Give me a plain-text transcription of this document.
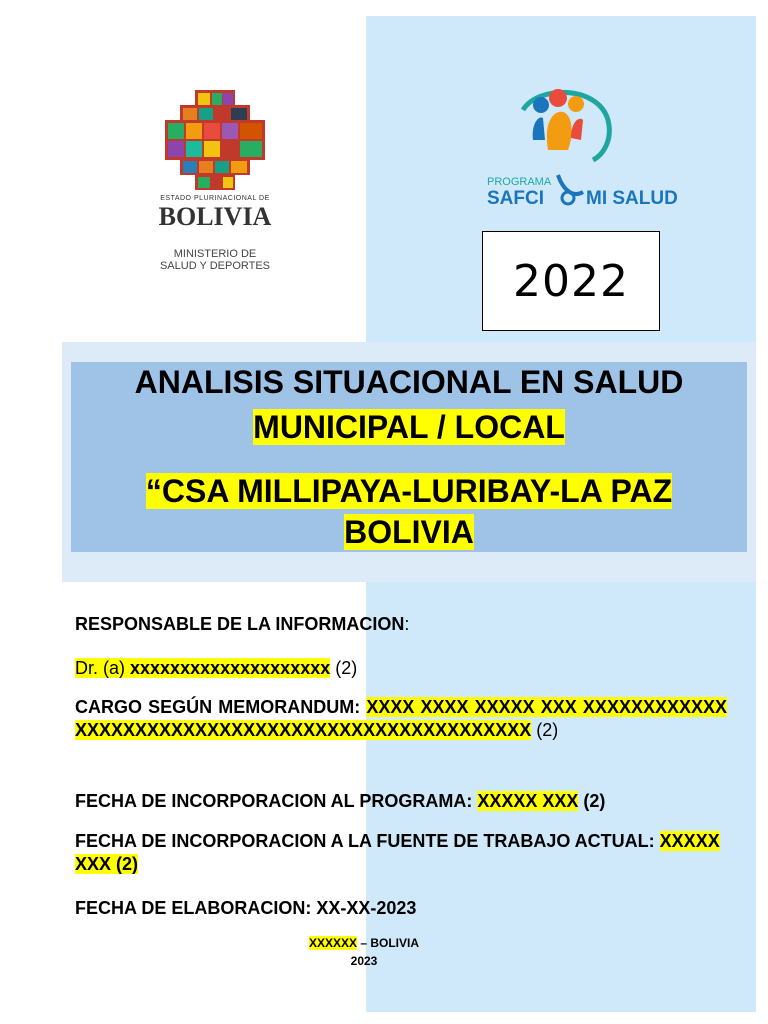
ESTADO PLURINACIONAL DE
BOLIVIA
MINISTERIO DE
SALUD Y DEPORTES
PROGRAMA
SAFCI MI SALUD
2022
ANALISIS SITUACIONAL EN SALUD
MUNICIPAL / LOCAL
“CSA MILLIPAYA-LURIBAY-LA PAZ
BOLIVIA
RESPONSABLE DE LA INFORMACION:
Dr. (a) xxxxxxxxxxxxxxxxxxxx (2)
CARGO SEGÚN MEMORANDUM: XXXX XXXX XXXXX XXX XXXXXXXXXXXXXXXXXXXXXXXXXXXXXXXXXXXXXXXXXXXXXXXXXX (2)
FECHA DE INCORPORACION AL PROGRAMA: XXXXX XXX (2)
FECHA DE INCORPORACION A LA FUENTE DE TRABAJO ACTUAL: XXXXX XXX (2)
FECHA DE ELABORACION: XX-XX-2023
XXXXXX – BOLIVIA
2023
